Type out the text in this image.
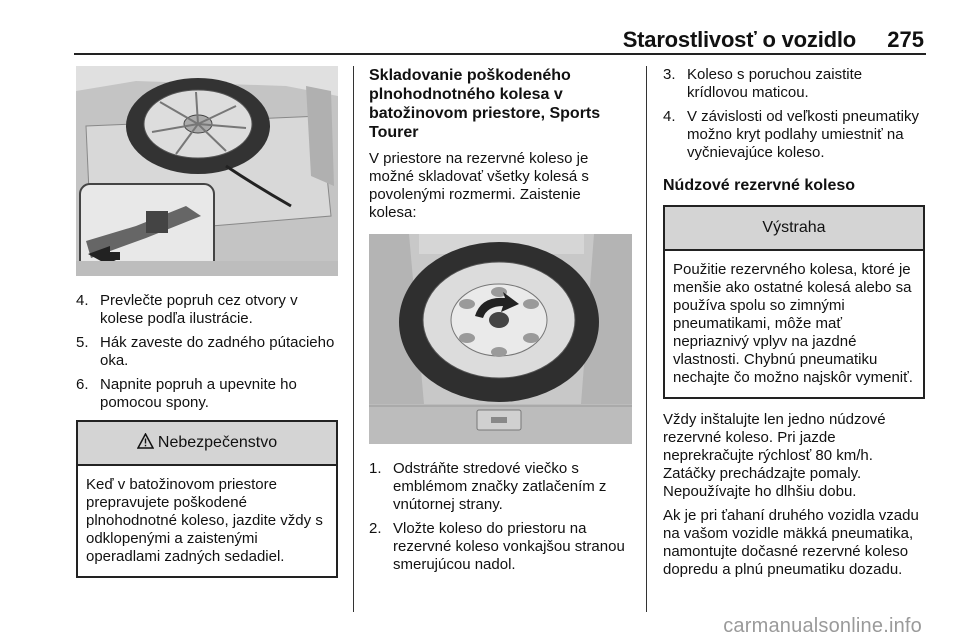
Starostlivosť o vozidlo 275
4. Prevlečte popruh cez otvory v kolese podľa ilustrácie.
5. Hák zaveste do zadného pútacieho oka.
6. Napnite popruh a upevnite ho pomocou spony.
Nebezpečenstvo
Keď v batožinovom priestore prepravujete poškodené plnohodnotné koleso, jazdite vždy s odklopenými a zaistenými operadlami zadných sedadiel.
Skladovanie poškodeného plnohodnotného kolesa v batožinovom priestore, Sports Tourer

V priestore na rezervné koleso je možné skladovať všetky kolesá s povolenými rozmermi. Zaistenie kolesa:

1. Odstráňte stredové viečko s emblémom značky zatlačením z vnútornej strany.
2. Vložte koleso do priestoru na rezervné koleso vonkajšou stranou smerujúcou nadol.
3. Koleso s poruchou zaistite krídlovou maticou.
4. V závislosti od veľkosti pneumatiky možno kryt podlahy umiestniť na vyčnievajúce koleso.
Núdzové rezervné koleso
Výstraha
Použitie rezervného kolesa, ktoré je menšie ako ostatné kolesá alebo sa používa spolu so zimnými pneumatikami, môže mať nepriaznivý vplyv na jazdné vlastnosti. Chybnú pneumatiku nechajte čo možno najskôr vymeniť.

Vždy inštalujte len jedno núdzové rezervné koleso. Pri jazde neprekračujte rýchlosť 80 km/h. Zatáčky prechádzajte pomaly. Nepoužívajte ho dlhšiu dobu.

Ak je pri ťahaní druhého vozidla vzadu na vašom vozidle mäkká pneumatika, namontujte dočasné rezervné koleso dopredu a plnú pneumatiku dozadu.

carmanualsonline.info
